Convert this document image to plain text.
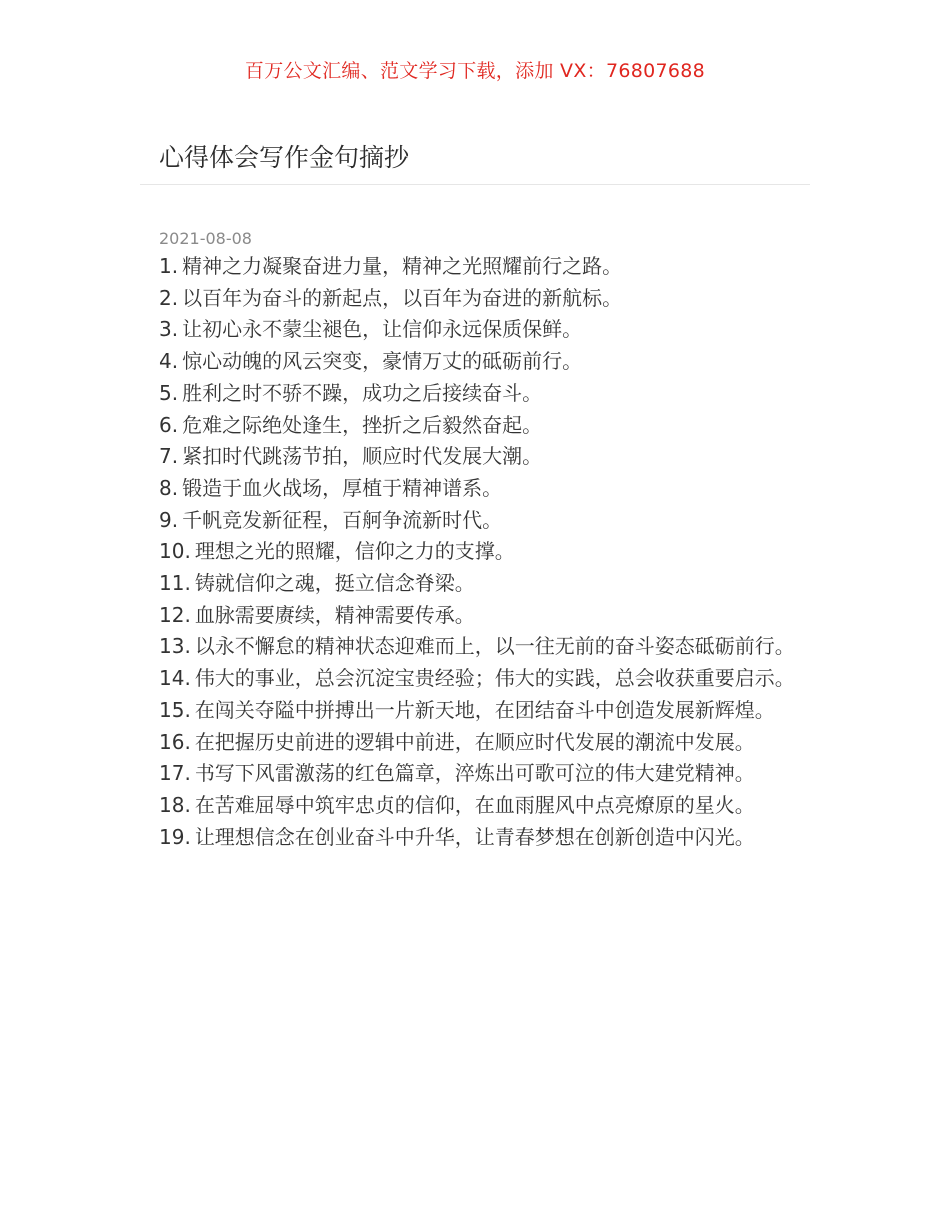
百万公文汇编、范文学习下载，添加 VX：76807688
心得体会写作金句摘抄
2021-08-08
1. 精神之力凝聚奋进力量，精神之光照耀前行之路。
2. 以百年为奋斗的新起点，以百年为奋进的新航标。
3. 让初心永不蒙尘褪色，让信仰永远保质保鲜。
4. 惊心动魄的风云突变，豪情万丈的砥砺前行。
5. 胜利之时不骄不躁，成功之后接续奋斗。
6. 危难之际绝处逢生，挫折之后毅然奋起。
7. 紧扣时代跳荡节拍，顺应时代发展大潮。
8. 锻造于血火战场，厚植于精神谱系。
9. 千帆竞发新征程，百舸争流新时代。
10. 理想之光的照耀，信仰之力的支撑。
11. 铸就信仰之魂，挺立信念脊梁。
12. 血脉需要赓续，精神需要传承。
13. 以永不懈怠的精神状态迎难而上，以一往无前的奋斗姿态砥砺前行。
14. 伟大的事业，总会沉淀宝贵经验；伟大的实践，总会收获重要启示。
15. 在闯关夺隘中拼搏出一片新天地，在团结奋斗中创造发展新辉煌。
16. 在把握历史前进的逻辑中前进，在顺应时代发展的潮流中发展。
17. 书写下风雷激荡的红色篇章，淬炼出可歌可泣的伟大建党精神。
18. 在苦难屈辱中筑牢忠贞的信仰，在血雨腥风中点亮燎原的星火。
19. 让理想信念在创业奋斗中升华，让青春梦想在创新创造中闪光。
